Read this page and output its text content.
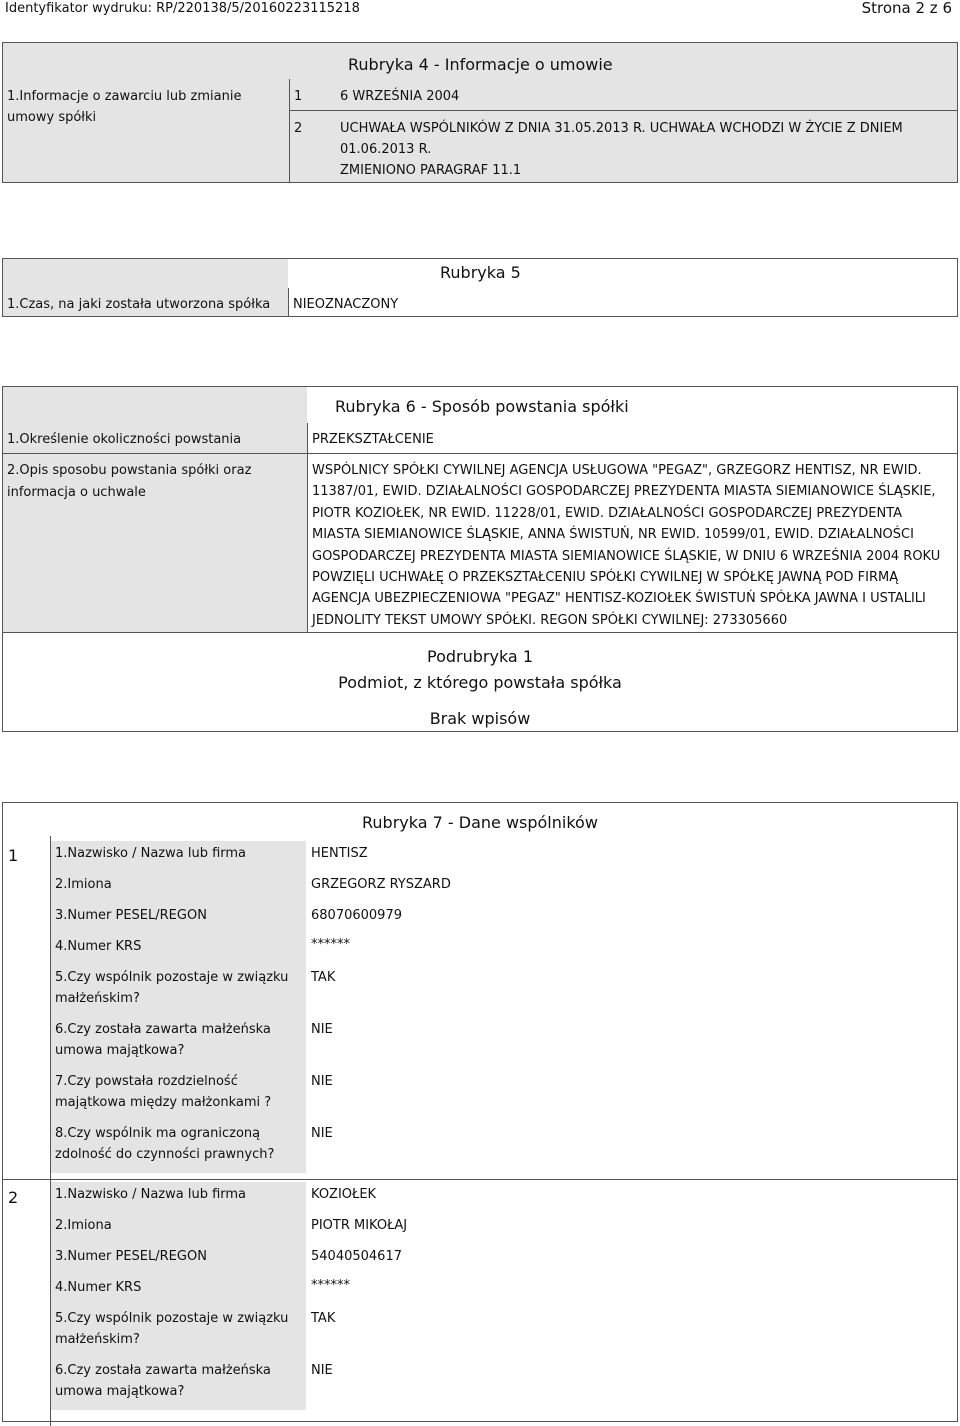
Identyfikator wydruku: RP/220138/5/20160223115218	Strona 2 z 6
Rubryka 4 - Informacje o umowie
1.Informacje o zawarciu lub zmianie
umowy spółki
1	6 WRZEŚNIA 2004
2	UCHWAŁA WSPÓLNIKÓW Z DNIA 31.05.2013 R. UCHWAŁA WCHODZI W ŻYCIE Z DNIEM
01.06.2013 R.
ZMIENIONO PARAGRAF 11.1
Rubryka 5
1.Czas, na jaki została utworzona spółka NIEOZNACZONY
Rubryka 6 - Sposób powstania spółki
1.Określenie okoliczności powstania	PRZEKSZTAŁCENIE
2.Opis sposobu powstania spółki oraz
informacja o uchwale
WSPÓLNICY SPÓŁKI CYWILNEJ AGENCJA USŁUGOWA "PEGAZ", GRZEGORZ HENTISZ, NR EWID.
11387/01, EWID. DZIAŁALNOŚCI GOSPODARCZEJ PREZYDENTA MIASTA SIEMIANOWICE ŚLĄSKIE,
PIOTR KOZIOŁEK, NR EWID. 11228/01, EWID. DZIAŁALNOŚCI GOSPODARCZEJ PREZYDENTA
MIASTA SIEMIANOWICE ŚLĄSKIE, ANNA ŚWISTUŃ, NR EWID. 10599/01, EWID. DZIAŁALNOŚCI
GOSPODARCZEJ PREZYDENTA MIASTA SIEMIANOWICE ŚLĄSKIE, W DNIU 6 WRZEŚNIA 2004 ROKU
POWZIĘLI UCHWAŁĘ O PRZEKSZTAŁCENIU SPÓŁKI CYWILNEJ W SPÓŁKĘ JAWNĄ POD FIRMĄ
AGENCJA UBEZPIECZENIOWA "PEGAZ" HENTISZ-KOZIOŁEK ŚWISTUŃ SPÓŁKA JAWNA I USTALILI
JEDNOLITY TEKST UMOWY SPÓŁKI. REGON SPÓŁKI CYWILNEJ: 273305660
Podrubryka 1
Podmiot, z którego powstała spółka
Brak wpisów
Rubryka 7 - Dane wspólników
1	1.Nazwisko / Nazwa lub firma	HENTISZ
2.Imiona	GRZEGORZ RYSZARD
3.Numer PESEL/REGON	68070600979
4.Numer KRS	******
5.Czy wspólnik pozostaje w związku
małżeńskim?
TAK
6.Czy została zawarta małżeńska
umowa majątkowa?
NIE
7.Czy powstała rozdzielność
majątkowa między małżonkami ?
NIE
8.Czy wspólnik ma ograniczoną
zdolność do czynności prawnych?
NIE
2	1.Nazwisko / Nazwa lub firma	KOZIOŁEK
2.Imiona	PIOTR MIKOŁAJ
3.Numer PESEL/REGON	54040504617
4.Numer KRS	******
5.Czy wspólnik pozostaje w związku
małżeńskim?
TAK
6.Czy została zawarta małżeńska
umowa majątkowa?
NIE
